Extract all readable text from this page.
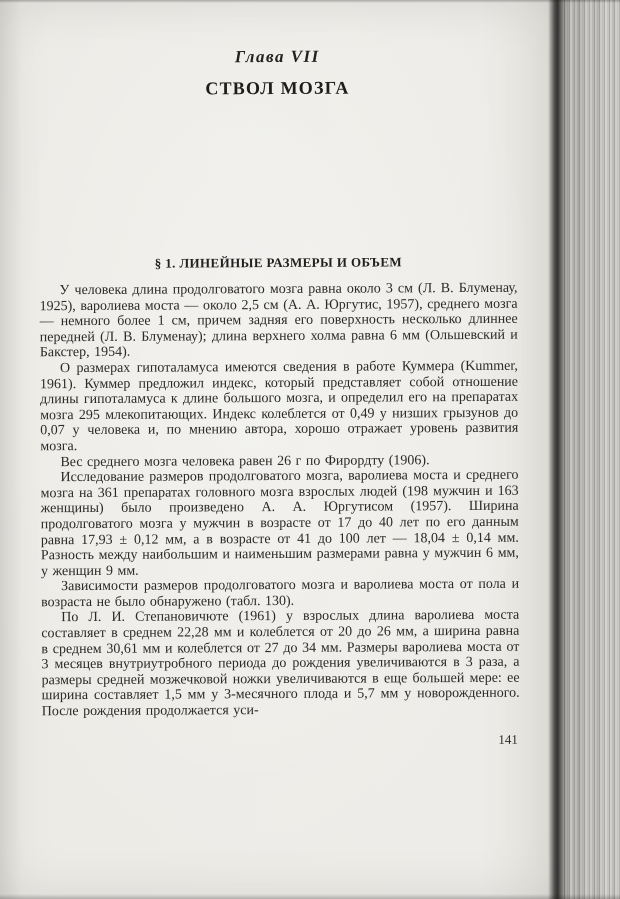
Глава VII
СТВОЛ МОЗГА
§ 1. ЛИНЕЙНЫЕ РАЗМЕРЫ И ОБЪЕМ

У человека длина продолговатого мозга равна около 3 см (Л. В. Блуменау, 1925), варолиева моста — около 2,5 см (А. А. Юргутис, 1957), среднего мозга — немного более 1 см, причем задняя его поверхность несколько длиннее передней (Л. В. Блуменау); длина верхнего холма равна 6 мм (Ольшевский и Бакстер, 1954).

О размерах гипоталамуса имеются сведения в работе Куммера (Kummer, 1961). Куммер предложил индекс, который представляет собой отношение длины гипоталамуса к длине большого мозга, и определил его на препаратах мозга 295 млекопитающих. Индекс колеблется от 0,49 у низших грызунов до 0,07 у человека и, по мнению автора, хорошо отражает уровень развития мозга.

Вес среднего мозга человека равен 26 г по Фирордту (1906).

Исследование размеров продолговатого мозга, варолиева моста и среднего мозга на 361 препаратах головного мозга взрослых людей (198 мужчин и 163 женщины) было произведено А. А. Юргутисом (1957). Ширина продолговатого мозга у мужчин в возрасте от 17 до 40 лет по его данным равна 17,93 ± 0,12 мм, а в возрасте от 41 до 100 лет — 18,04 ± 0,14 мм. Разность между наибольшим и наименьшим размерами равна у мужчин 6 мм, у женщин 9 мм.

Зависимости размеров продолговатого мозга и варолиева моста от пола и возраста не было обнаружено (табл. 130).

По Л. И. Степановичюте (1961) у взрослых длина варолиева моста составляет в среднем 22,28 мм и колеблется от 20 до 26 мм, а ширина равна в среднем 30,61 мм и колеблется от 27 до 34 мм. Размеры варолиева моста от 3 месяцев внутриутробного периода до рождения увеличиваются в 3 раза, а размеры средней мозжечковой ножки увеличиваются в еще большей мере: ее ширина составляет 1,5 мм у 3-месячного плода и 5,7 мм у новорожденного. После рождения продолжается уси-

141
